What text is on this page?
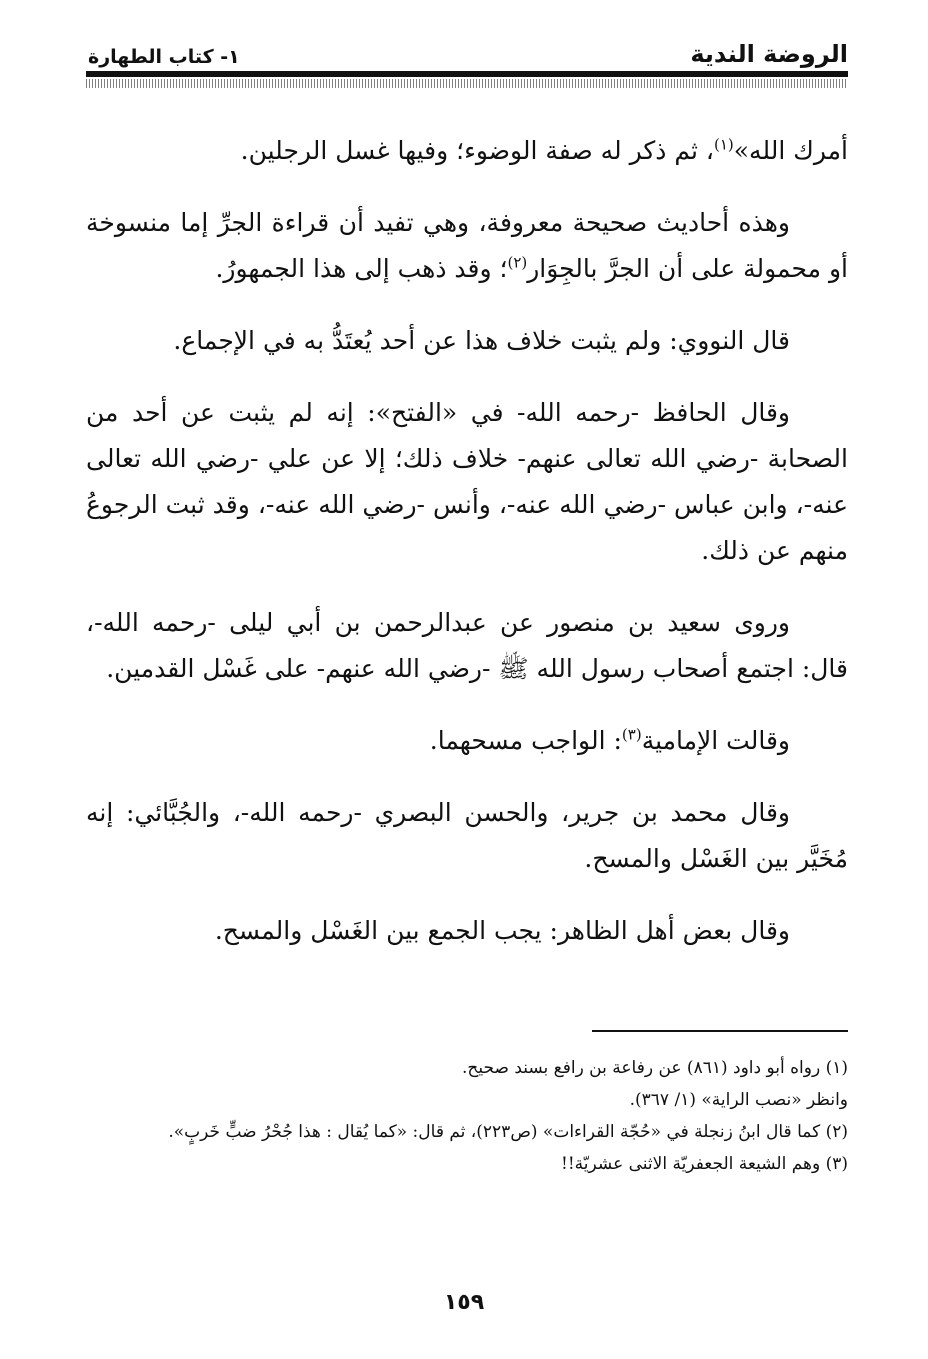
١- كتاب الطهارة	الروضة الندية

أمرك الله»$^{(١)}$، ثم ذكر له صفة الوضوء؛ وفيها غسل الرجلين.

وهذه أحاديث صحيحة معروفة، وهي تفيد أن قراءة الجرِّ إما منسوخة أو محمولة على أن الجرَّ بالجِوَار$^{(٢)}$؛ وقد ذهب إلى هذا الجمهورُ.

قال النووي: ولم يثبت خلاف هذا عن أحد يُعتَدُّ به في الإجماع.

وقال الحافظ -رحمه الله- في «الفتح»: إنه لم يثبت عن أحد من الصحابة -رضي الله تعالى عنهم- خلاف ذلك؛ إلا عن علي -رضي الله تعالى عنه-، وابن عباس -رضي الله عنه-، وأنس -رضي الله عنه-، وقد ثبت الرجوعُ منهم عن ذلك.

وروى سعيد بن منصور عن عبدالرحمن بن أبي ليلى -رحمه الله-، قال: اجتمع أصحاب رسول الله ﷺ -رضي الله عنهم- على غَسْل القدمين.

وقالت الإمامية$^{(٣)}$: الواجب مسحهما.

وقال محمد بن جرير، والحسن البصري -رحمه الله-، والجُبَّائي: إنه مُخَيَّر بين الغَسْل والمسح.

وقال بعض أهل الظاهر: يجب الجمع بين الغَسْل والمسح.

(١) رواه أبو داود (٨٦١) عن رفاعة بن رافع بسند صحيح.

وانظر «نصب الراية» (١/ ٣٦٧).

(٢) كما قال ابنُ زنجلة في «حُجّة القراءات» (ص٢٢٣)، ثم قال: «كما يُقال : هذا جُحْرُ ضبٍّ خَربٍ».

(٣) وهم الشيعة الجعفريّة الاثنى عشريّة!!

١٥٩
